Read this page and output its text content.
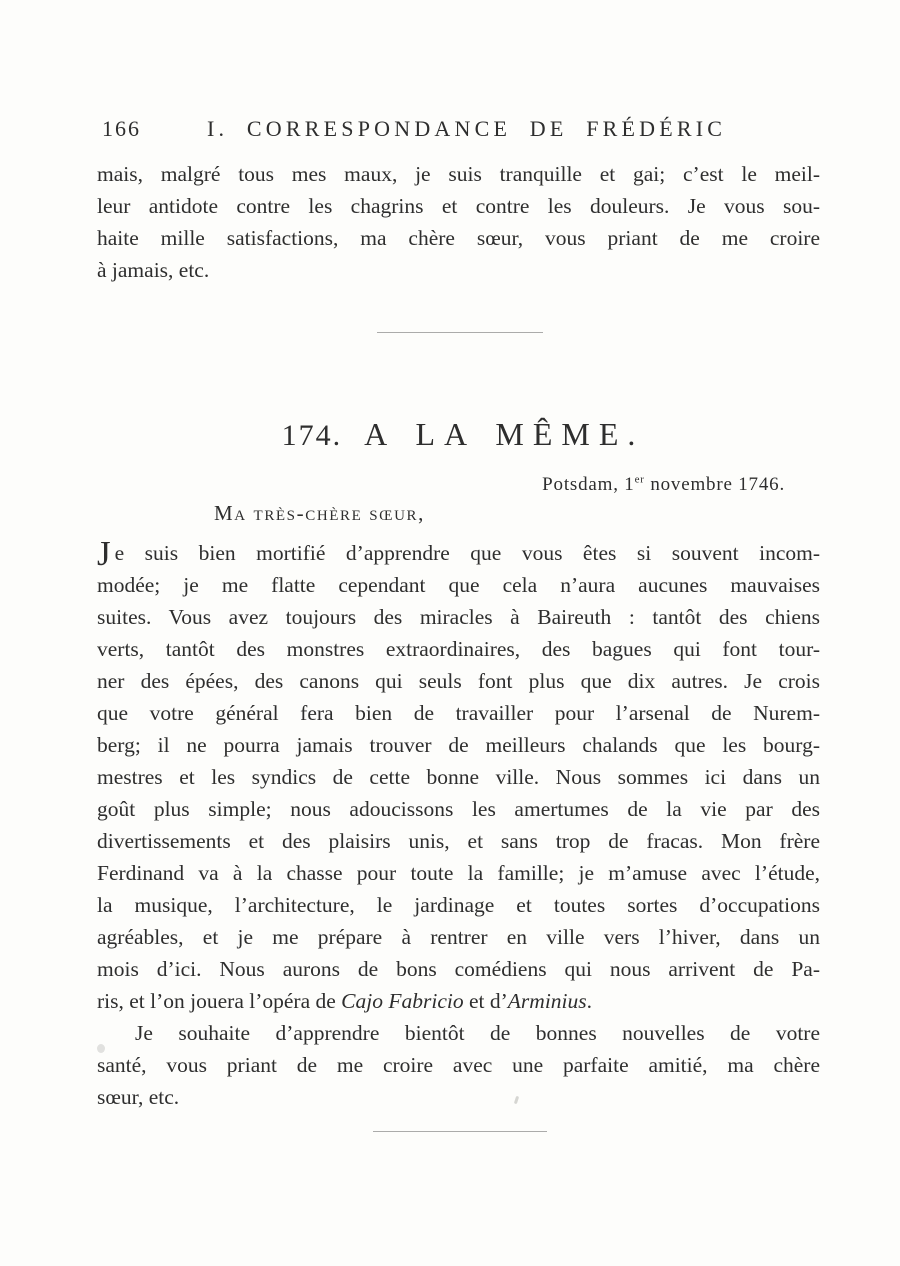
166	I. CORRESPONDANCE DE FRÉDÉRIC
mais, malgré tous mes maux, je suis tranquille et gai; c’est le meil-
leur antidote contre les chagrins et contre les douleurs. Je vous sou-
haite mille satisfactions, ma chère sœur, vous priant de me croire
à jamais, etc.
174. A LA MÊME.
Potsdam, 1er novembre 1746.
Ma très-chère sœur,
J e suis bien mortifié d’apprendre que vous êtes si souvent incom-
modée; je me flatte cependant que cela n’aura aucunes mauvaises
suites. Vous avez toujours des miracles à Baireuth : tantôt des chiens
verts, tantôt des monstres extraordinaires, des bagues qui font tour-
ner des épées, des canons qui seuls font plus que dix autres. Je crois
que votre général fera bien de travailler pour l’arsenal de Nurem-
berg; il ne pourra jamais trouver de meilleurs chalands que les bourg-
mestres et les syndics de cette bonne ville. Nous sommes ici dans un
goût plus simple; nous adoucissons les amertumes de la vie par des
divertissements et des plaisirs unis, et sans trop de fracas. Mon frère
Ferdinand va à la chasse pour toute la famille; je m’amuse avec l’étude,
la musique, l’architecture, le jardinage et toutes sortes d’occupations
agréables, et je me prépare à rentrer en ville vers l’hiver, dans un
mois d’ici. Nous aurons de bons comédiens qui nous arrivent de Pa-
ris, et l’on jouera l’opéra de Cajo Fabricio et d’Arminius.
Je souhaite d’apprendre bientôt de bonnes nouvelles de votre
santé, vous priant de me croire avec une parfaite amitié, ma chère
sœur, etc.
